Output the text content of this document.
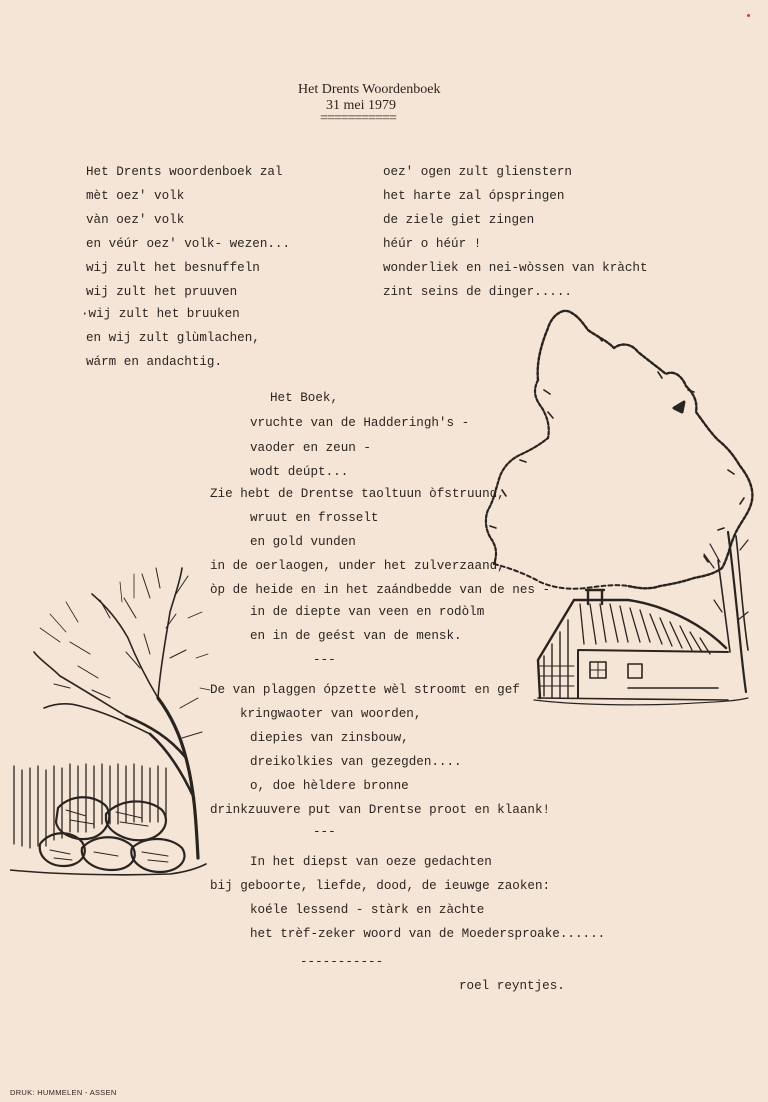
Het Drents Woordenboek
31 mei 1979
===========
Het Drents woordenboek zal
mèt oez' volk
vàn oez' volk
en véúr oez' volk- wezen...
wij zult het besnuffeln
wij zult het pruuven
·wij zult het bruuken
en wij zult glùmlachen,
wárm en andachtig.
oez' ogen zult glienstern
het harte zal ópspringen
de ziele giet zingen
héúr o héúr !
wonderliek en nei-wòssen van kràcht
zint seins de dinger.....
Het Boek,
vruchte van de Hadderingh's -
vaoder en zeun -
wodt deúpt...
Zie hebt de Drentse taoltuun òfstruund,
wruut en frosselt
en gold vunden
in de oerlaogen, under het zulverzaand,
òp de heide en in het zaándbedde van de nes -
in de diepte van veen en rodòlm
en in de geést van de mensk.
---
De van plaggen ópzette wèl stroomt en gef
kringwaoter van woorden,
diepies van zinsbouw,
dreikolkies van gezegden....
o, doe hèldere bronne
drinkzuuvere put van Drentse proot en klaank!
---
In het diepst van oeze gedachten
bij geboorte, liefde, dood, de ieuwge zaoken:
koéle lessend - stàrk en zàchte
het trèf-zeker woord van de Moedersproake......
-----------
roel reyntjes.
DRUK: HUMMELEN - ASSEN
